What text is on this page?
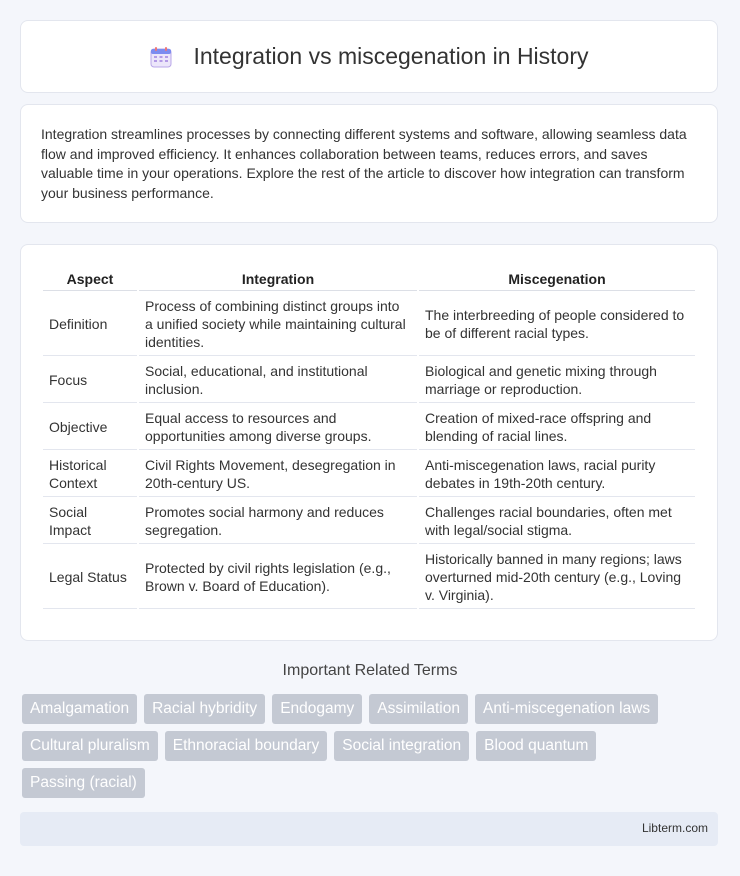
Integration vs miscegenation in History

Integration streamlines processes by connecting different systems and software, allowing seamless data flow and improved efficiency. It enhances collaboration between teams, reduces errors, and saves valuable time in your operations. Explore the rest of the article to discover how integration can transform your business performance.

Aspect	Integration	Miscegenation
Definition	Process of combining distinct groups into a unified society while maintaining cultural identities.	The interbreeding of people considered to be of different racial types.
Focus	Social, educational, and institutional inclusion.	Biological and genetic mixing through marriage or reproduction.
Objective	Equal access to resources and opportunities among diverse groups.	Creation of mixed-race offspring and blending of racial lines.
Historical Context	Civil Rights Movement, desegregation in 20th-century US.	Anti-miscegenation laws, racial purity debates in 19th-20th century.
Social Impact	Promotes social harmony and reduces segregation.	Challenges racial boundaries, often met with legal/social stigma.
Legal Status	Protected by civil rights legislation (e.g., Brown v. Board of Education).	Historically banned in many regions; laws overturned mid-20th century (e.g., Loving v. Virginia).
Important Related Terms
Amalgamation	Racial hybridity	Endogamy	Assimilation	Anti-miscegenation laws
Cultural pluralism	Ethnoracial boundary	Social integration	Blood quantum
Passing (racial)
Libterm.com
